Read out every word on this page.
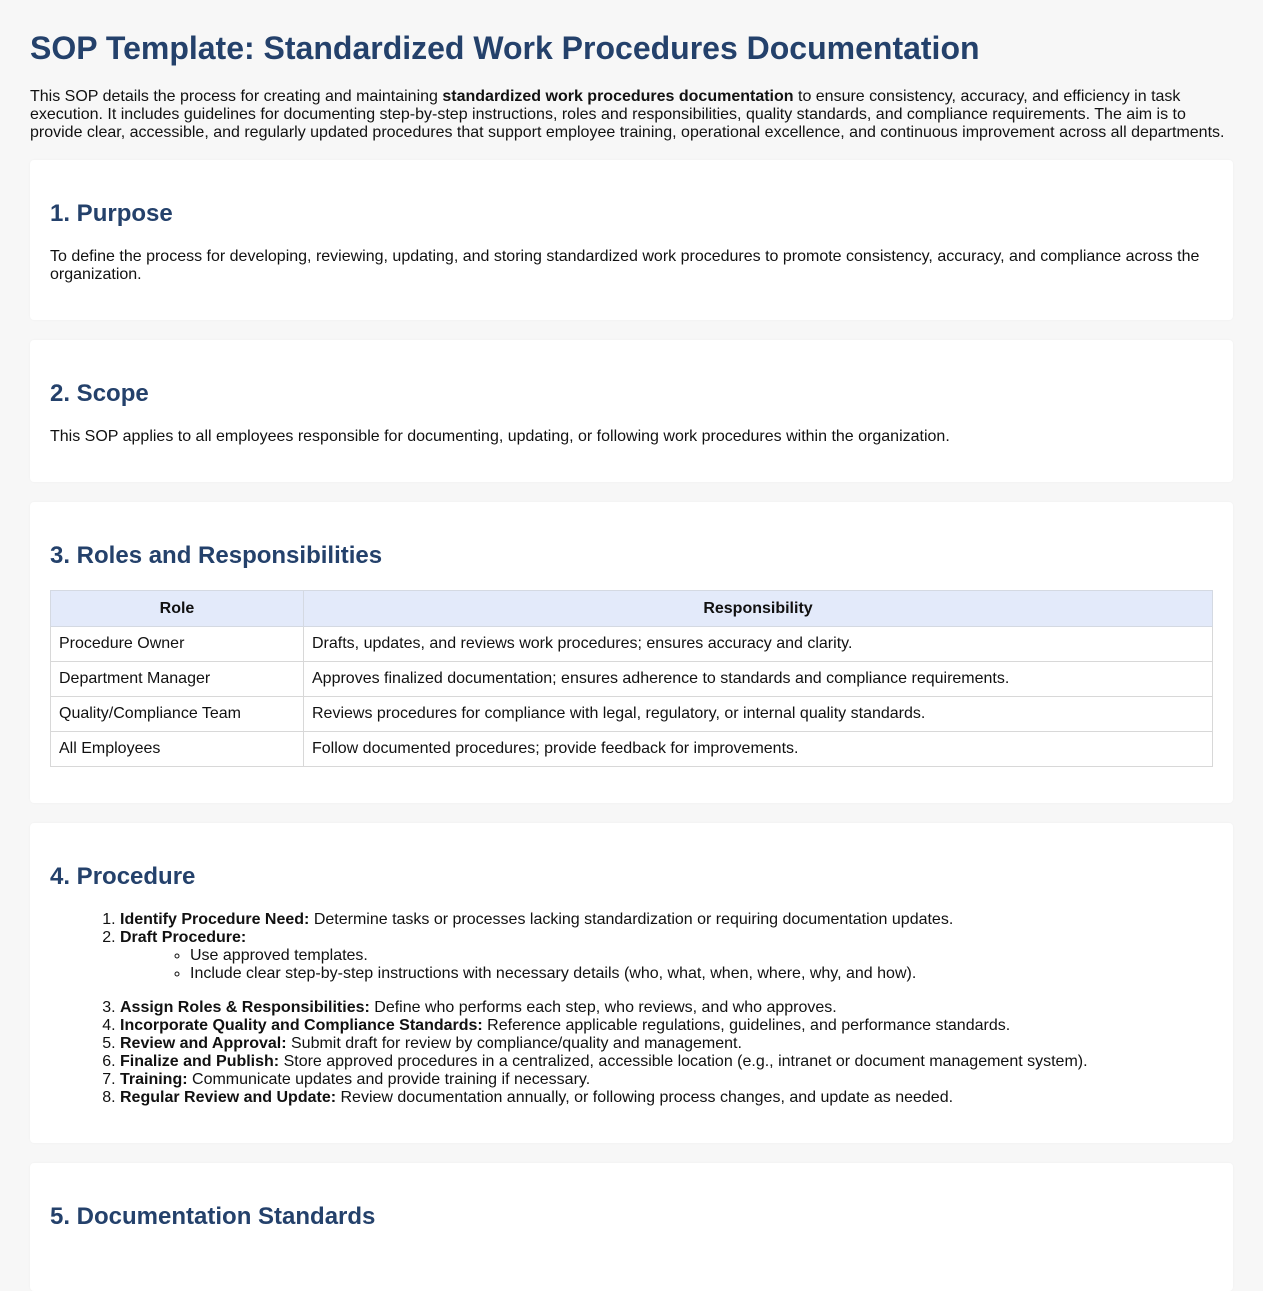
SOP Template: Standardized Work Procedures Documentation

This SOP details the process for creating and maintaining standardized work procedures documentation to ensure consistency, accuracy, and efficiency in task execution. It includes guidelines for documenting step-by-step instructions, roles and responsibilities, quality standards, and compliance requirements. The aim is to provide clear, accessible, and regularly updated procedures that support employee training, operational excellence, and continuous improvement across all departments.

1. Purpose

To define the process for developing, reviewing, updating, and storing standardized work procedures to promote consistency, accuracy, and compliance across the organization.

2. Scope

This SOP applies to all employees responsible for documenting, updating, or following work procedures within the organization.

3. Roles and Responsibilities
Role	Responsibility
Procedure Owner	Drafts, updates, and reviews work procedures; ensures accuracy and clarity.
Department Manager	Approves finalized documentation; ensures adherence to standards and compliance requirements.
Quality/Compliance Team	Reviews procedures for compliance with legal, regulatory, or internal quality standards.
All Employees	Follow documented procedures; provide feedback for improvements.
4. Procedure
1. Identify Procedure Need: Determine tasks or processes lacking standardization or requiring documentation updates.
2. Draft Procedure:
◦ Use approved templates.
◦ Include clear step-by-step instructions with necessary details (who, what, when, where, why, and how).
3. Assign Roles & Responsibilities: Define who performs each step, who reviews, and who approves.
4. Incorporate Quality and Compliance Standards: Reference applicable regulations, guidelines, and performance standards.
5. Review and Approval: Submit draft for review by compliance/quality and management.
6. Finalize and Publish: Store approved procedures in a centralized, accessible location (e.g., intranet or document management system).
7. Training: Communicate updates and provide training if necessary.
8. Regular Review and Update: Review documentation annually, or following process changes, and update as needed.
5. Documentation Standards
